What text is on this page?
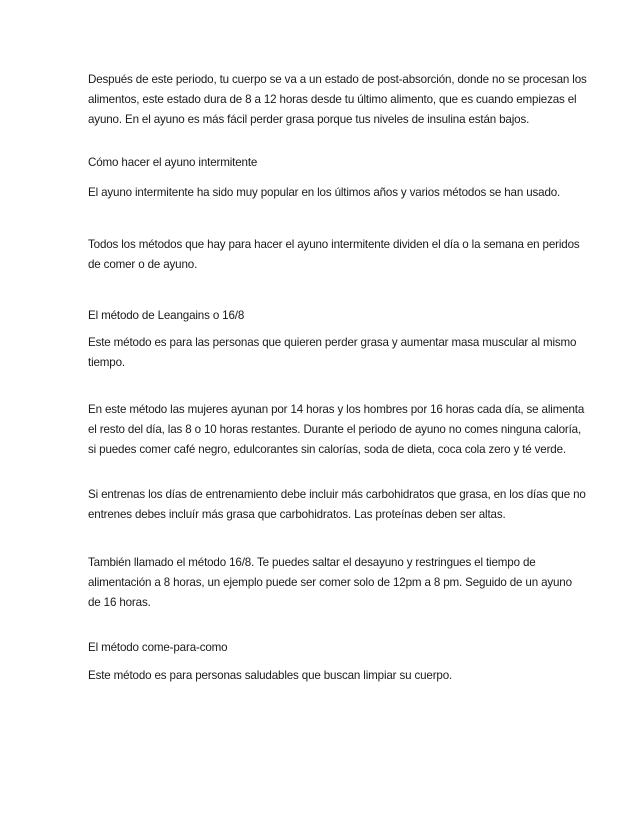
Después de este periodo, tu cuerpo se va a un estado de post-absorción, donde no se procesan los
alimentos, este estado dura de 8 a 12 horas desde tu último alimento, que es cuando empiezas el
ayuno. En el ayuno es más fácil perder grasa porque tus niveles de insulina están bajos.

Cómo hacer el ayuno intermitente

El ayuno intermitente ha sido muy popular en los últimos años y varios métodos se han usado.

Todos los métodos que hay para hacer el ayuno intermitente dividen el día o la semana en peridos
de comer o de ayuno.

El método de Leangains o 16/8

Este método es para las personas que quieren perder grasa y aumentar masa muscular al mismo
tiempo.

En este método las mujeres ayunan por 14 horas y los hombres por 16 horas cada día, se alimenta
el resto del día, las 8 o 10 horas restantes. Durante el periodo de ayuno no comes ninguna caloría,
si puedes comer café negro, edulcorantes sin calorías, soda de dieta, coca cola zero y té verde.

Si entrenas los días de entrenamiento debe incluir más carbohidratos que grasa, en los días que no
entrenes debes incluír más grasa que carbohidratos. Las proteínas deben ser altas.

También llamado el método 16/8. Te puedes saltar el desayuno y restringues el tiempo de
alimentación a 8 horas, un ejemplo puede ser comer solo de 12pm a 8 pm. Seguido de un ayuno
de 16 horas.

El método come-para-como

Este método es para personas saludables que buscan limpiar su cuerpo.
